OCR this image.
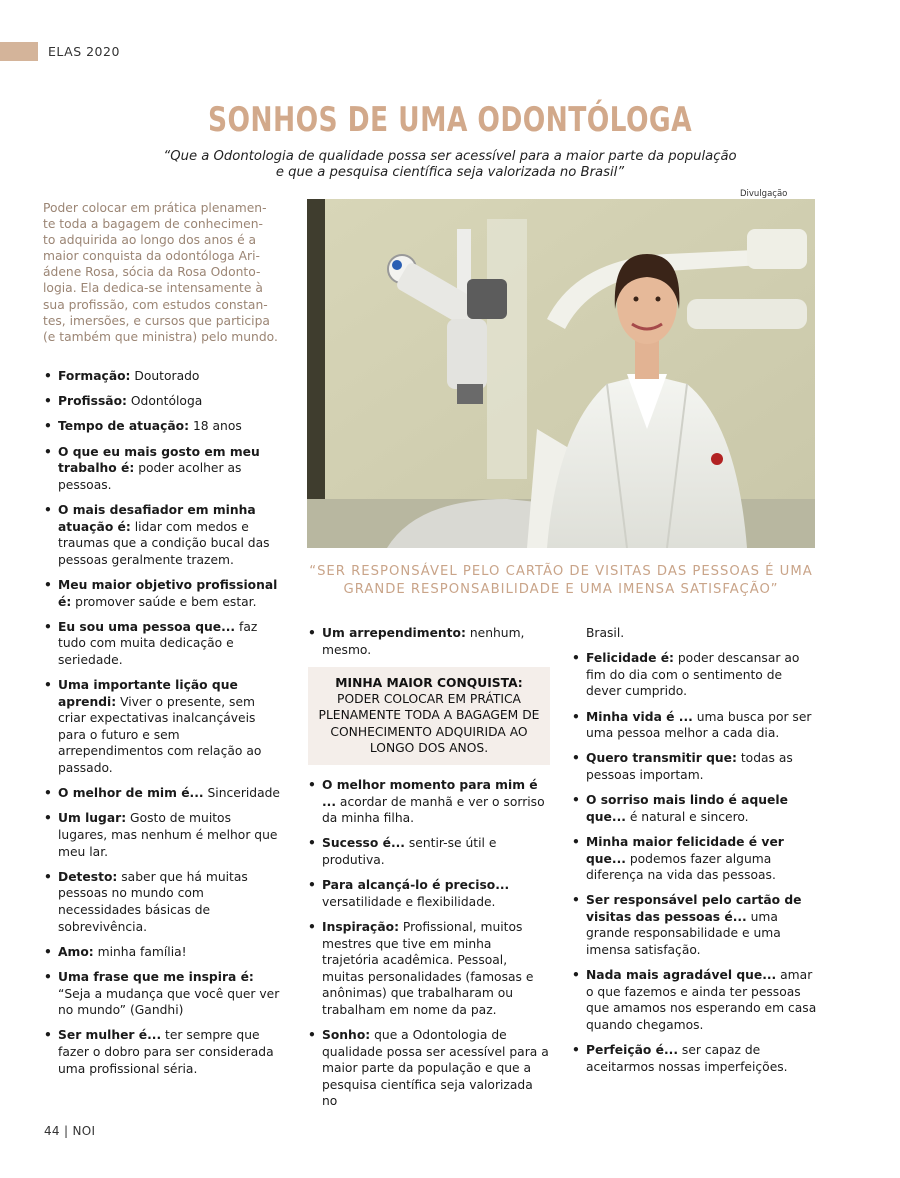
ELAS 2020
SONHOS DE UMA ODONTÓLOGA
“Que a Odontologia de qualidade possa ser acessível para a maior parte da população
e que a pesquisa científica seja valorizada no Brasil”
Poder colocar em prática plenamen-
te toda a bagagem de conhecimen-
to adquirida ao longo dos anos é a
maior conquista da odontóloga Ari-
ádene Rosa, sócia da Rosa Odonto-
logia. Ela dedica-se intensamente à
sua profissão, com estudos constan-
tes, imersões, e cursos que participa
(e também que ministra) pelo mundo.
Divulgação
“SER RESPONSÁVEL PELO CARTÃO DE VISITAS DAS PESSOAS É UMA
GRANDE RESPONSABILIDADE E UMA IMENSA SATISFAÇÃO”
• Formação: Doutorado
• Profissão: Odontóloga
• Tempo de atuação: 18 anos
• O que eu mais gosto em meu trabalho é: poder acolher as pessoas.
• O mais desafiador em minha atuação é: lidar com medos e traumas que a condição bucal das pessoas geralmente trazem.
• Meu maior objetivo profissional é: promover saúde e bem estar.
• Eu sou uma pessoa que... faz tudo com muita dedicação e seriedade.
• Uma importante lição que aprendi: Viver o presente, sem criar expectativas inalcançáveis para o futuro e sem arrependimentos com relação ao passado.
• O melhor de mim é... Sinceridade
• Um lugar: Gosto de muitos lugares, mas nenhum é melhor que meu lar.
• Detesto: saber que há muitas pessoas no mundo com necessidades básicas de sobrevivência.
• Amo: minha família!
• Uma frase que me inspira é: “Seja a mudança que você quer ver no mundo” (Gandhi)
• Ser mulher é... ter sempre que fazer o dobro para ser considerada uma profissional séria.
• Um arrependimento: nenhum, mesmo.
MINHA MAIOR CONQUISTA:
PODER COLOCAR EM PRÁTICA PLENAMENTE TODA A BAGAGEM DE CONHECIMENTO ADQUIRIDA AO LONGO DOS ANOS.
• O melhor momento para mim é ... acordar de manhã e ver o sorriso da minha filha.
• Sucesso é... sentir-se útil e produtiva.
• Para alcançá-lo é preciso... versatilidade e flexibilidade.
• Inspiração: Profissional, muitos mestres que tive em minha trajetória acadêmica. Pessoal, muitas personalidades (famosas e anônimas) que trabalharam ou trabalham em nome da paz.
• Sonho: que a Odontologia de qualidade possa ser acessível para a maior parte da população e que a pesquisa científica seja valorizada no
Brasil.
• Felicidade é: poder descansar ao fim do dia com o sentimento de dever cumprido.
• Minha vida é ... uma busca por ser uma pessoa melhor a cada dia.
• Quero transmitir que: todas as pessoas importam.
• O sorriso mais lindo é aquele que... é natural e sincero.
• Minha maior felicidade é ver que... podemos fazer alguma diferença na vida das pessoas.
• Ser responsável pelo cartão de visitas das pessoas é... uma grande responsabilidade e uma imensa satisfação.
• Nada mais agradável que... amar o que fazemos e ainda ter pessoas que amamos nos esperando em casa quando chegamos.
• Perfeição é... ser capaz de aceitarmos nossas imperfeições.
44 | NOI
